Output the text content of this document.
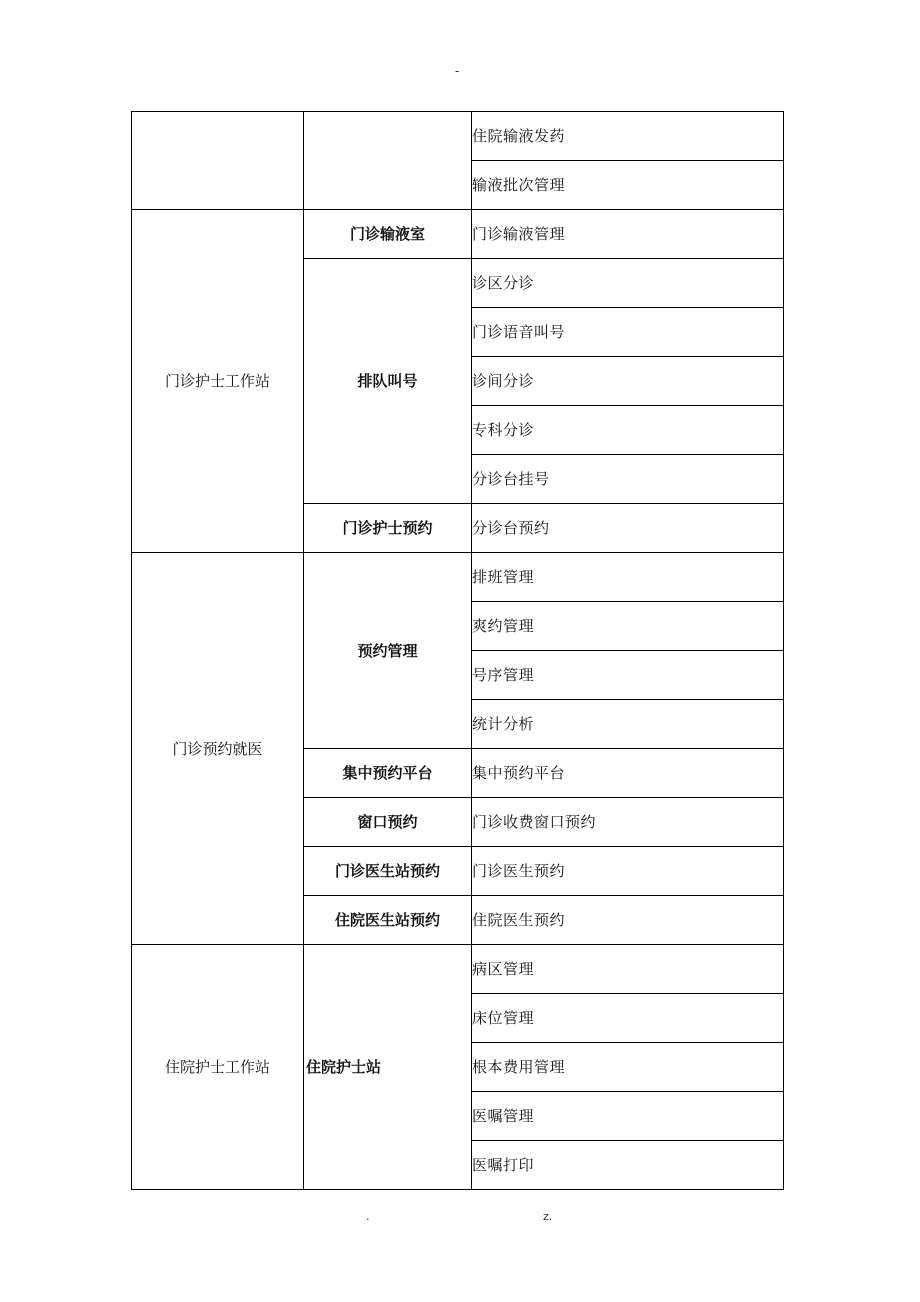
-
		住院输液发药
		输液批次管理
门诊护士工作站	门诊输液室	门诊输液管理
	排队叫号	诊区分诊
		门诊语音叫号
		诊间分诊
		专科分诊
		分诊台挂号
	门诊护士预约	分诊台预约
门诊预约就医	预约管理	排班管理
		爽约管理
		号序管理
		统计分析
	集中预约平台	集中预约平台
	窗口预约	门诊收费窗口预约
	门诊医生站预约	门诊医生预约
	住院医生站预约	住院医生预约
住院护士工作站	住院护士站	病区管理
		床位管理
		根本费用管理
		医嘱管理
		医嘱打印
.	z.
